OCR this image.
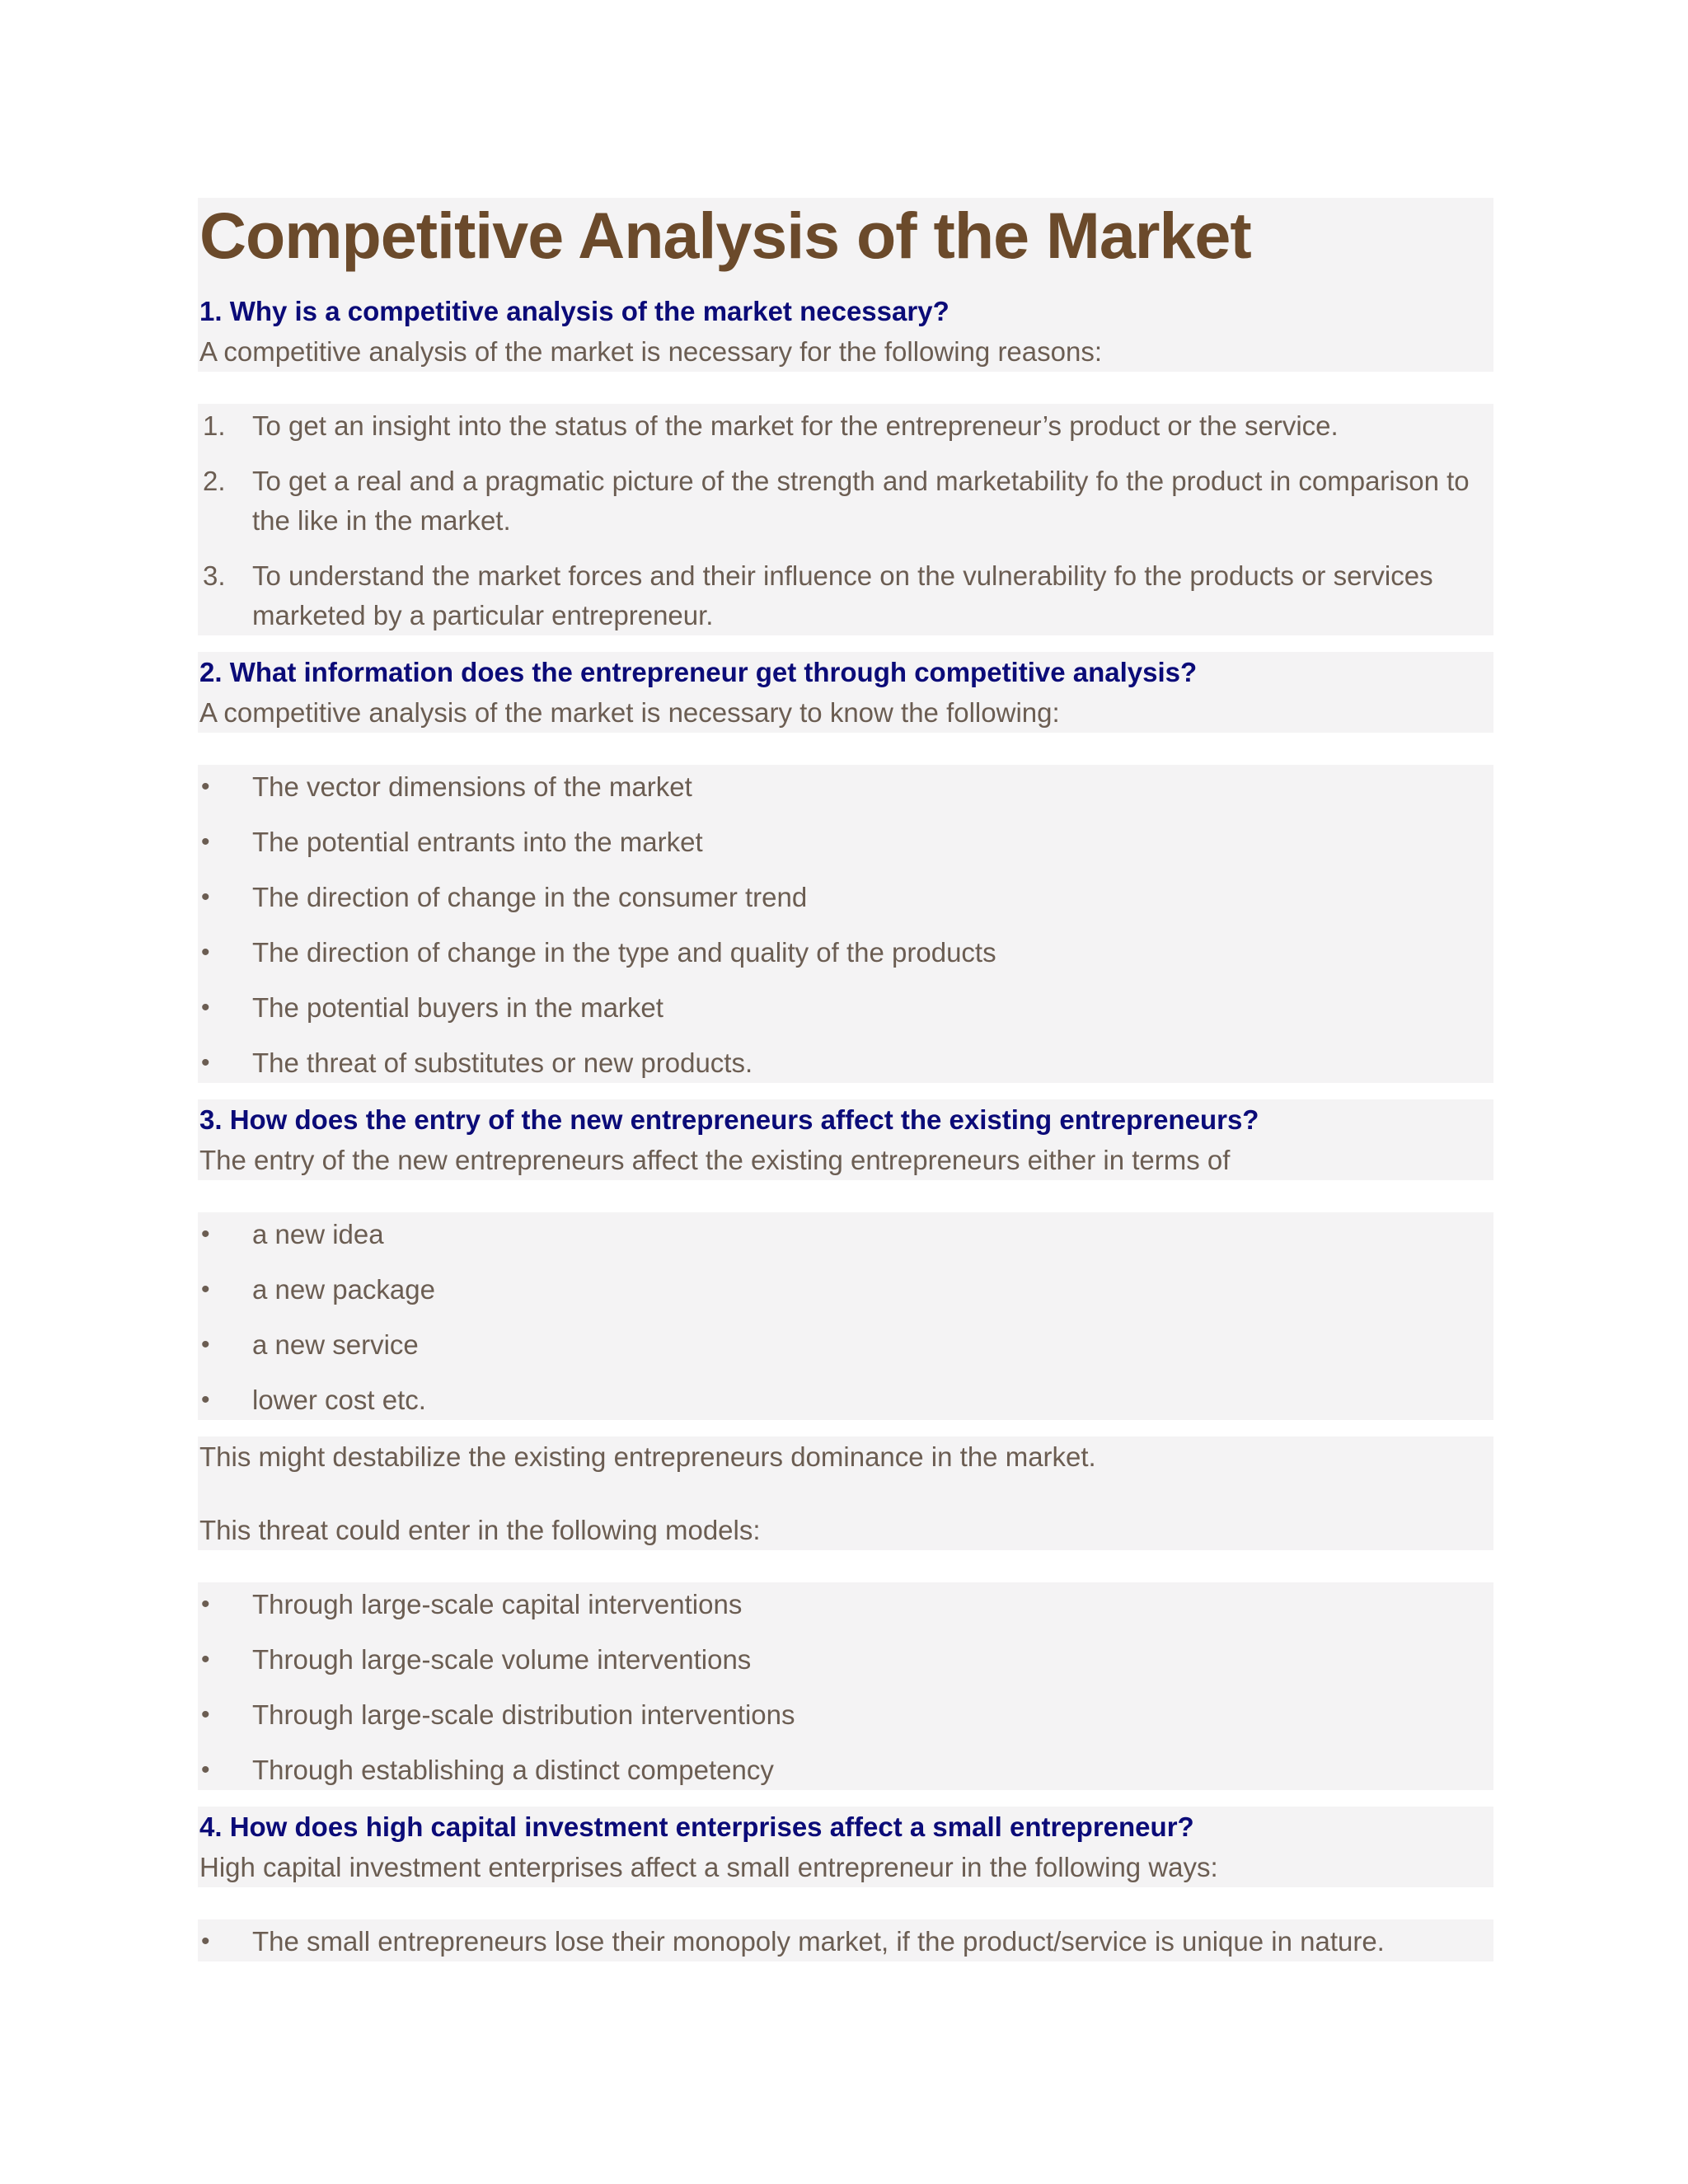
Competitive Analysis of the Market
1. Why is a competitive analysis of the market necessary?

A competitive analysis of the market is necessary for the following reasons:

1. To get an insight into the status of the market for the entrepreneur’s product or the service.
2. To get a real and a pragmatic picture of the strength and marketability fo the product in comparison to the like in the market.
3. To understand the market forces and their influence on the vulnerability fo the products or services marketed by a particular entrepreneur.
2. What information does the entrepreneur get through competitive analysis?

A competitive analysis of the market is necessary to know the following:

•	The vector dimensions of the market
•	The potential entrants into the market
•	The direction of change in the consumer trend
•	The direction of change in the type and quality of the products
•	The potential buyers in the market
•	The threat of substitutes or new products.
3. How does the entry of the new entrepreneurs affect the existing entrepreneurs?

The entry of the new entrepreneurs affect the existing entrepreneurs either in terms of

•	a new idea
•	a new package
•	a new service
•	lower cost etc.

This might destabilize the existing entrepreneurs dominance in the market.

This threat could enter in the following models:

•	Through large-scale capital interventions
•	Through large-scale volume interventions
•	Through large-scale distribution interventions
•	Through establishing a distinct competency
4. How does high capital investment enterprises affect a small entrepreneur?

High capital investment enterprises affect a small entrepreneur in the following ways:

•	The small entrepreneurs lose their monopoly market, if the product/service is unique in nature.
